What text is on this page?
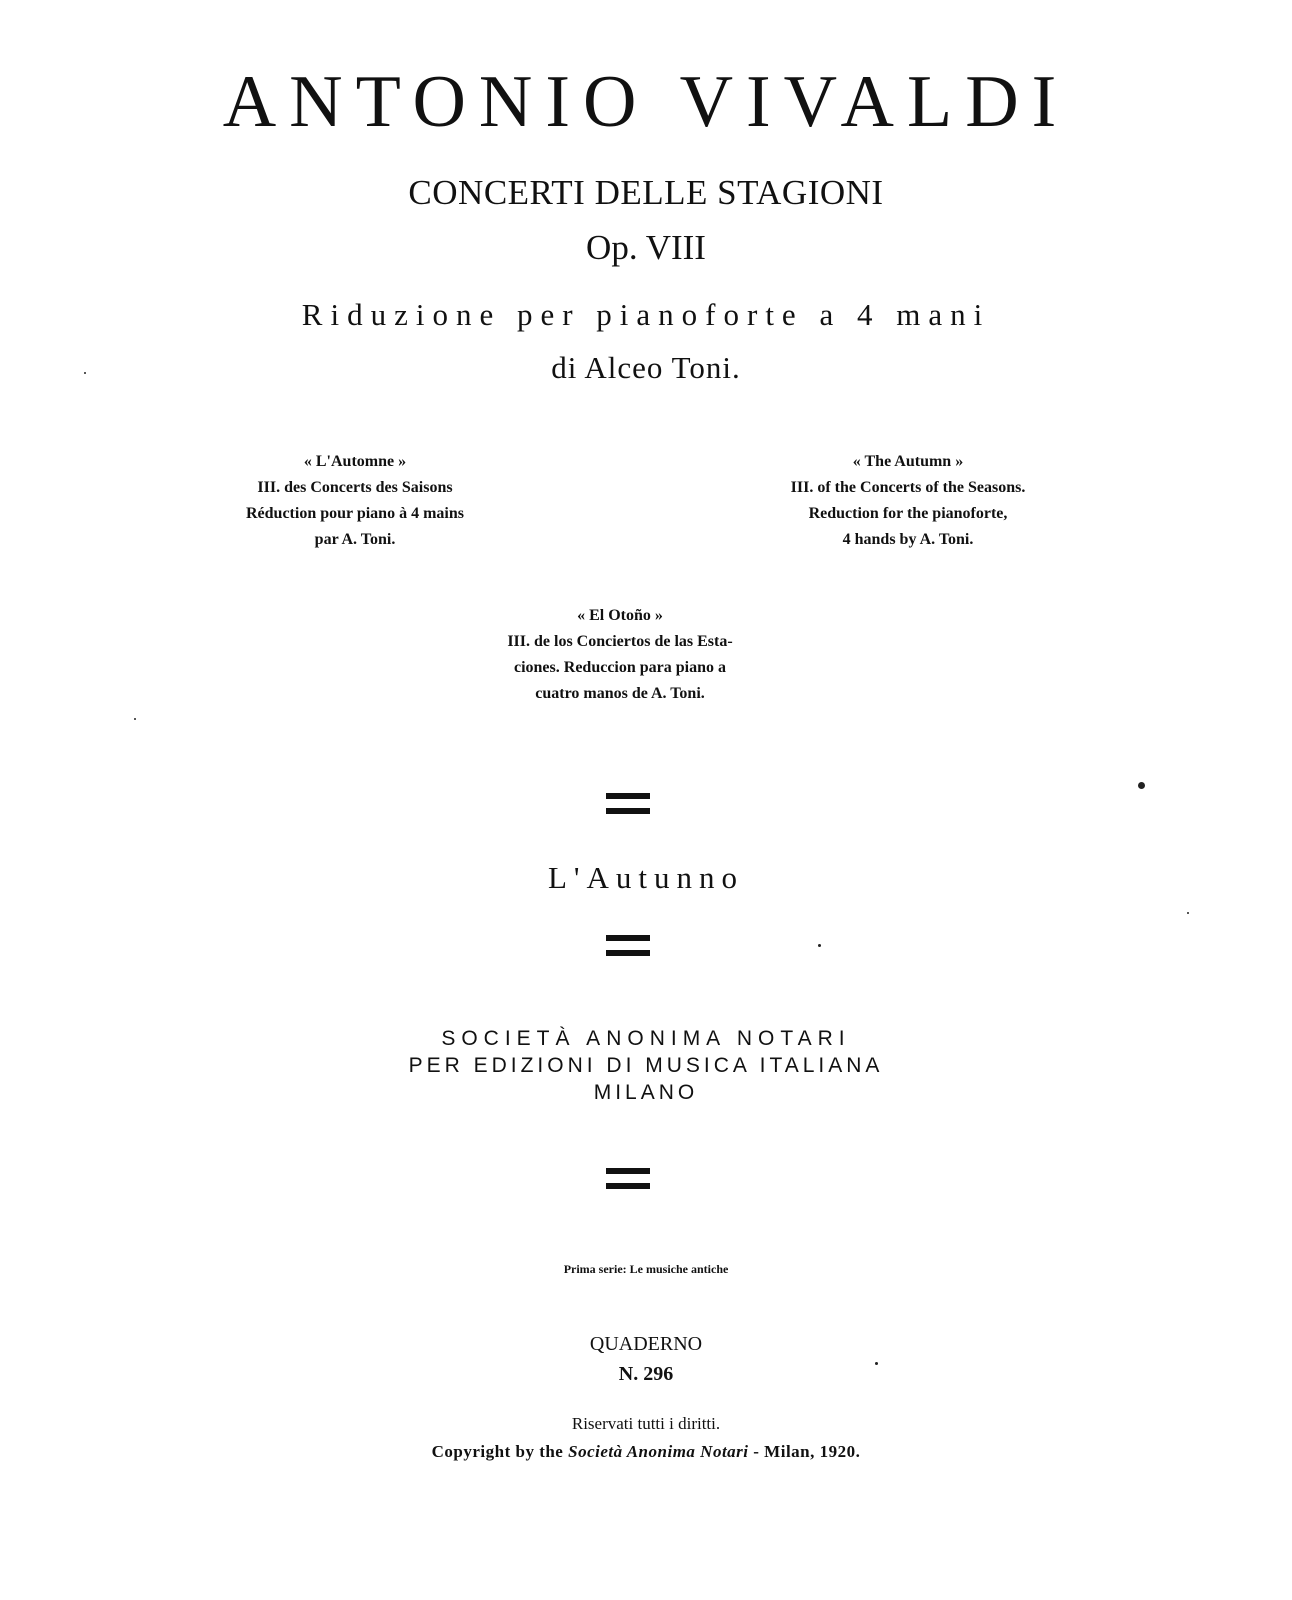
ANTONIO VIVALDI
CONCERTI DELLE STAGIONI
Op. VIII
Riduzione per pianoforte a 4 mani
di Alceo Toni.
« L'Automne »
III. des Concerts des Saisons
Réduction pour piano à 4 mains
par A. Toni.
« The Autumn »
III. of the Concerts of the Seasons.
Reduction for the pianoforte,
4 hands by A. Toni.
« El Otoño »
III. de los Conciertos de las Esta-
ciones. Reduccion para piano a
cuatro manos de A. Toni.
L'Autunno
SOCIETÀ ANONIMA NOTARI
PER EDIZIONI DI MUSICA ITALIANA
MILANO
Prima serie: Le musiche antiche
QUADERNO
N. 296
Riservati tutti i diritti.
Copyright by the Società Anonima Notari - Milan, 1920.
